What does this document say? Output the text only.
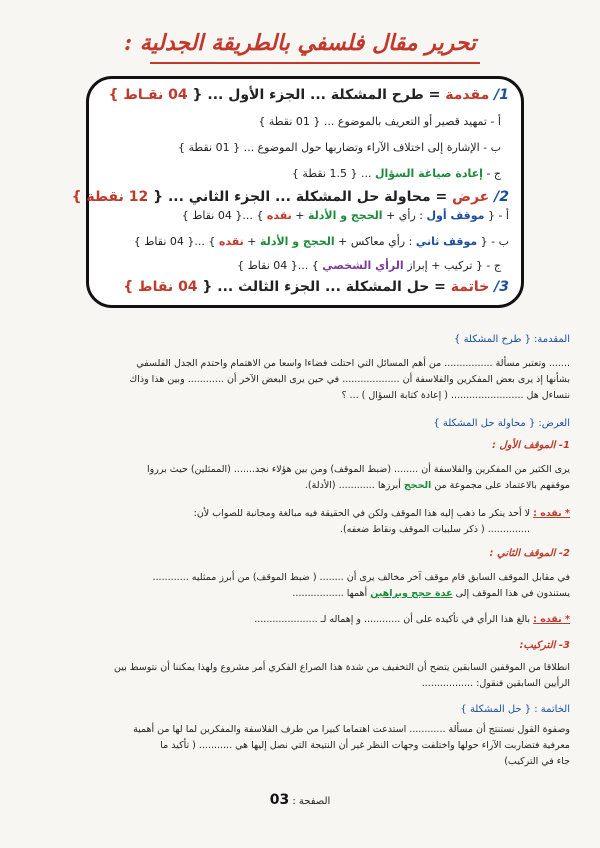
تحرير مقال فلسفي بالطريقة الجدلية :
1/ مقدمة = طرح المشكلة ... الجزء الأول ... { 04 نقـاط }
أ - تمهيد قصير أو التعريف بالموضوع ... { 01 نقطة }
ب - الإشارة إلى اختلاف الآراء وتضاربها حول الموضوع ... { 01 نقطة }
ج - إعادة صياغة السؤال ... { 1.5 نقطة }
2/ عرض = محاولة حل المشكلة ... الجزء الثاني ... { 12 نقطة }
أ - { موقف أول : رأي + الحجج و الأدلة + نقده } ...{ 04 نقاط }
ب - { موقف ثاني : رأي معاكس + الحجج و الأدلة + نقده } ...{ 04 نقاط }
ج - { تركيب + إبراز الرأي الشخصي } ...{ 04 نقاط }
3/ خاتمة = حل المشكلة ... الجزء الثالث ... { 04 نقاط }
المقدمة: { طرح المشكلة }
....... وتعتبر مسألة ................ من أهم المسائل التي احتلت فضاءا واسعا من الاهتمام واحتدم الجدل الفلسفي
بشأنها إذ يرى بعض المفكرين والفلاسفة أن ................... في حين يرى البعض الآخر أن ............ وبين هذا وذاك
نتساءل هل ........................ ( إعادة كتابة السؤال ) ... ؟
العرض: { محاولة حل المشكلة }
1- الموقف الأول :
يرى الكثير من المفكرين والفلاسفة أن ........ (ضبط الموقف) ومن بين هؤلاء نجد....... (الممثلين) حيث برروا
موقفهم بالاعتماد على مجموعة من الحجج أبرزها ............ (الأدلة).
* نقده : لا أحد ينكر ما ذهب إليه هذا الموقف ولكن في الحقيقة فيه مبالغة ومجانبة للصواب لأن:
.............. ( ذكر سلبيات الموقف ونقاط ضعفه).
2- الموقف الثاني :
في مقابل الموقف السابق قام موقف آخر مخالف يرى أن ........ ( ضبط الموقف) من أبرز ممثليه ............
يستندون في هذا الموقف إلى عدة حجج وبراهين أهمها .................
* نقده : بالغ هذا الرأي في تأكيده على أن ............ و إهماله لـ .....................
3- التركيب:
انطلاقا من الموقفين السابقين يتضح أن التخفيف من شدة هذا الصراع الفكري أمر مشروع ولهذا يمكننا أن نتوسط بين
الرأيين السابقين فنقول: .................
الخاتمة : { حل المشكلة }
وصفوة القول نستنتج أن مسألة ............ استدعت اهتماما كبيرا من طرف الفلاسفة والمفكرين لما لها من أهمية
معرفية فتضاربت الآراء حولها واختلفت وجهات النظر غير أن النتيجة التي نصل إليها هي ........... ( تأكيد ما
جاء في التركيب)
الصفحة : 03
